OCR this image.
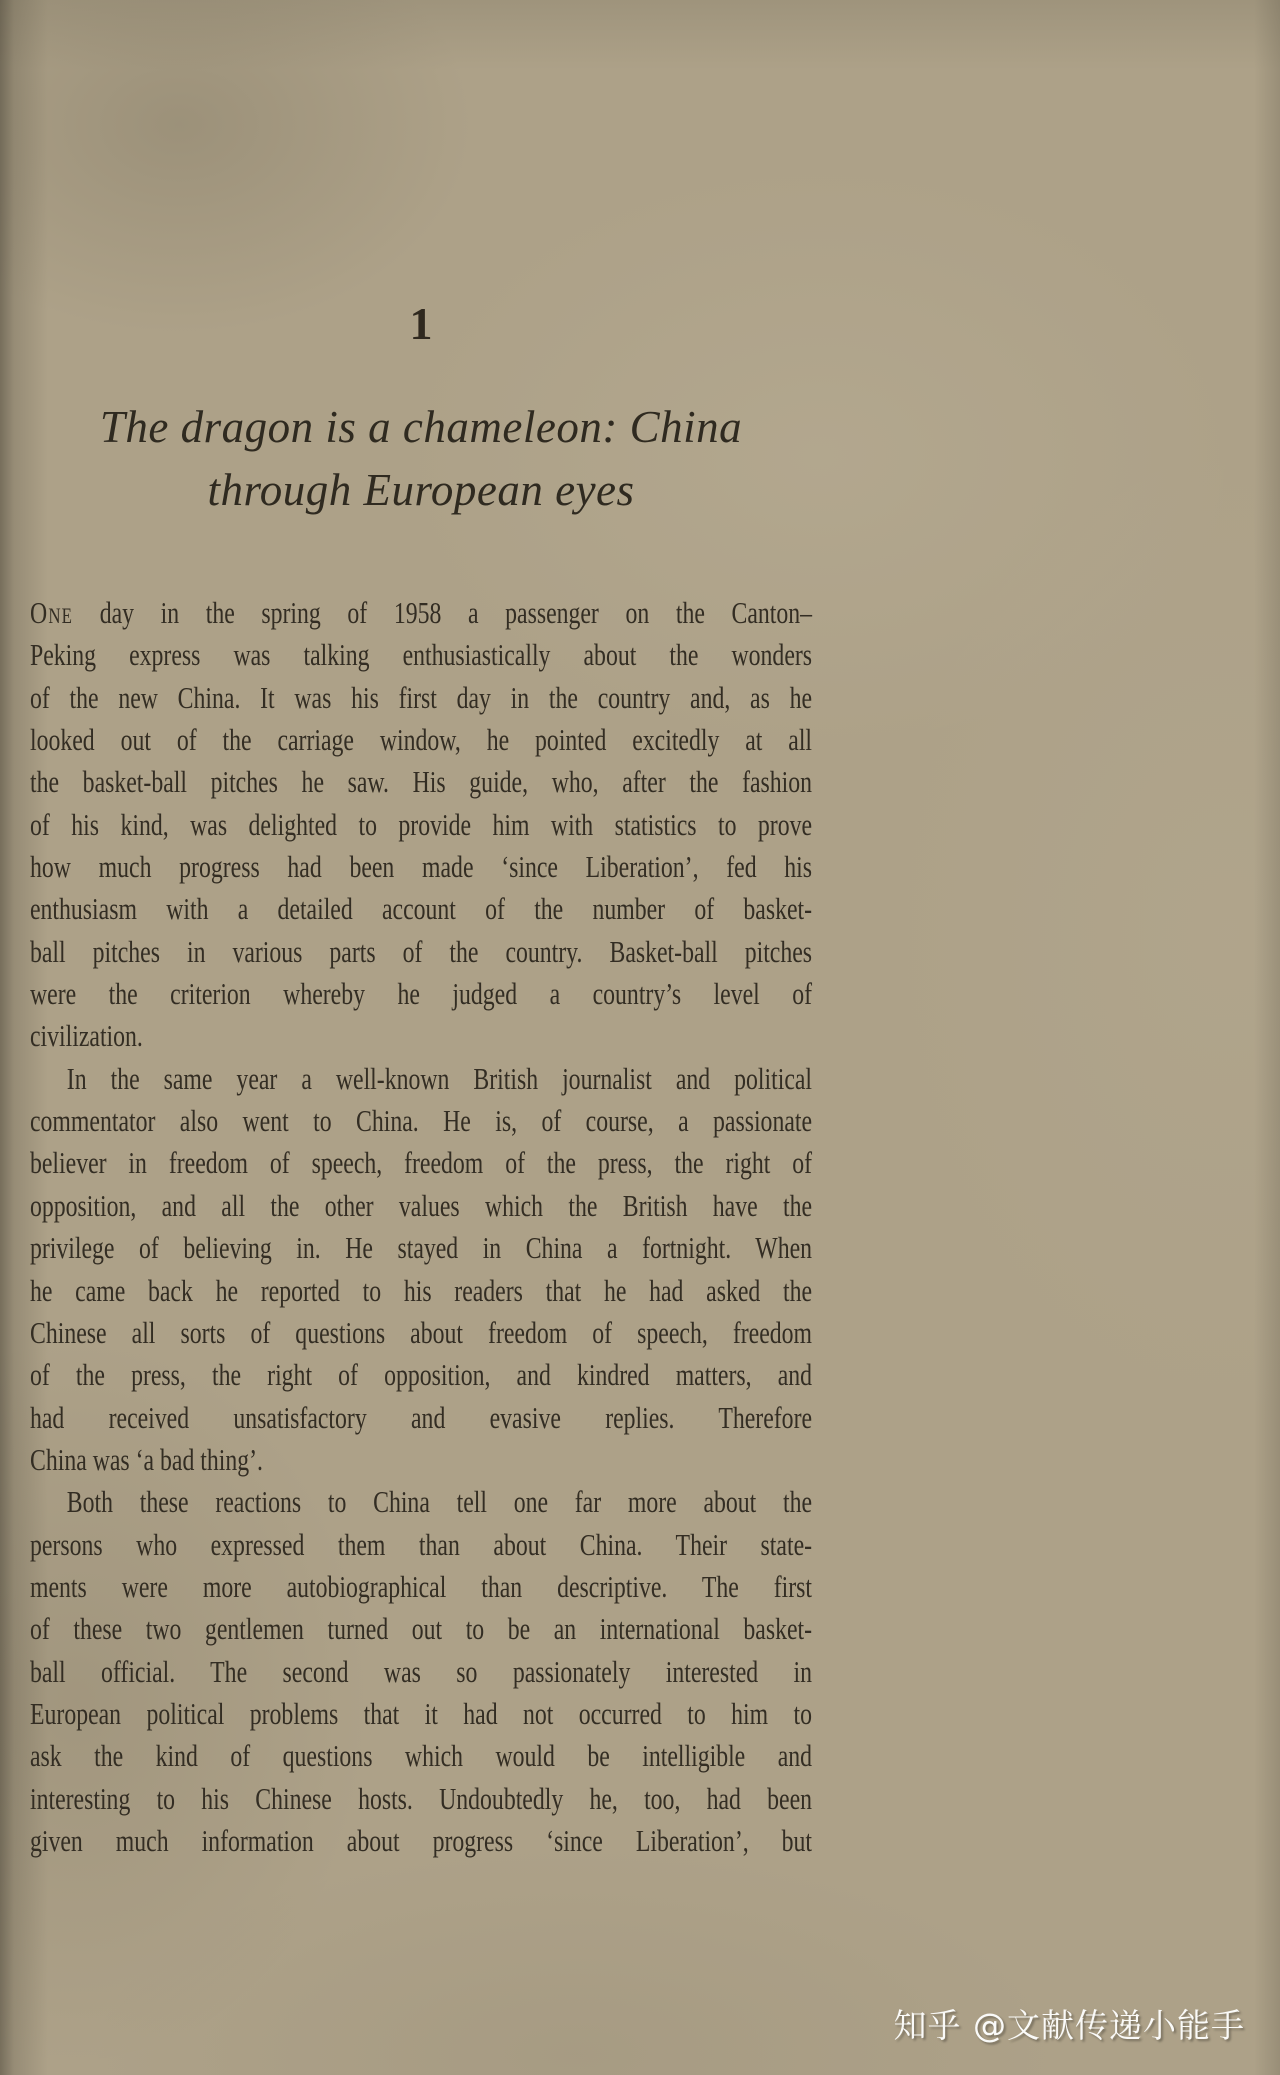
1
The dragon is a chameleon: China
through European eyes
One day in the spring of 1958 a passenger on the Canton–
Peking express was talking enthusiastically about the wonders
of the new China. It was his first day in the country and, as he
looked out of the carriage window, he pointed excitedly at all
the basket-ball pitches he saw. His guide, who, after the fashion
of his kind, was delighted to provide him with statistics to prove
how much progress had been made ‘since Liberation’, fed his
enthusiasm with a detailed account of the number of basket-
ball pitches in various parts of the country. Basket-ball pitches
were the criterion whereby he judged a country’s level of
civilization.
In the same year a well-known British journalist and political
commentator also went to China. He is, of course, a passionate
believer in freedom of speech, freedom of the press, the right of
opposition, and all the other values which the British have the
privilege of believing in. He stayed in China a fortnight. When
he came back he reported to his readers that he had asked the
Chinese all sorts of questions about freedom of speech, freedom
of the press, the right of opposition, and kindred matters, and
had received unsatisfactory and evasive replies. Therefore
China was ‘a bad thing’.
Both these reactions to China tell one far more about the
persons who expressed them than about China. Their state-
ments were more autobiographical than descriptive. The first
of these two gentlemen turned out to be an international basket-
ball official. The second was so passionately interested in
European political problems that it had not occurred to him to
ask the kind of questions which would be intelligible and
interesting to his Chinese hosts. Undoubtedly he, too, had been
given much information about progress ‘since Liberation’, but
知乎 @文献传递小能手
